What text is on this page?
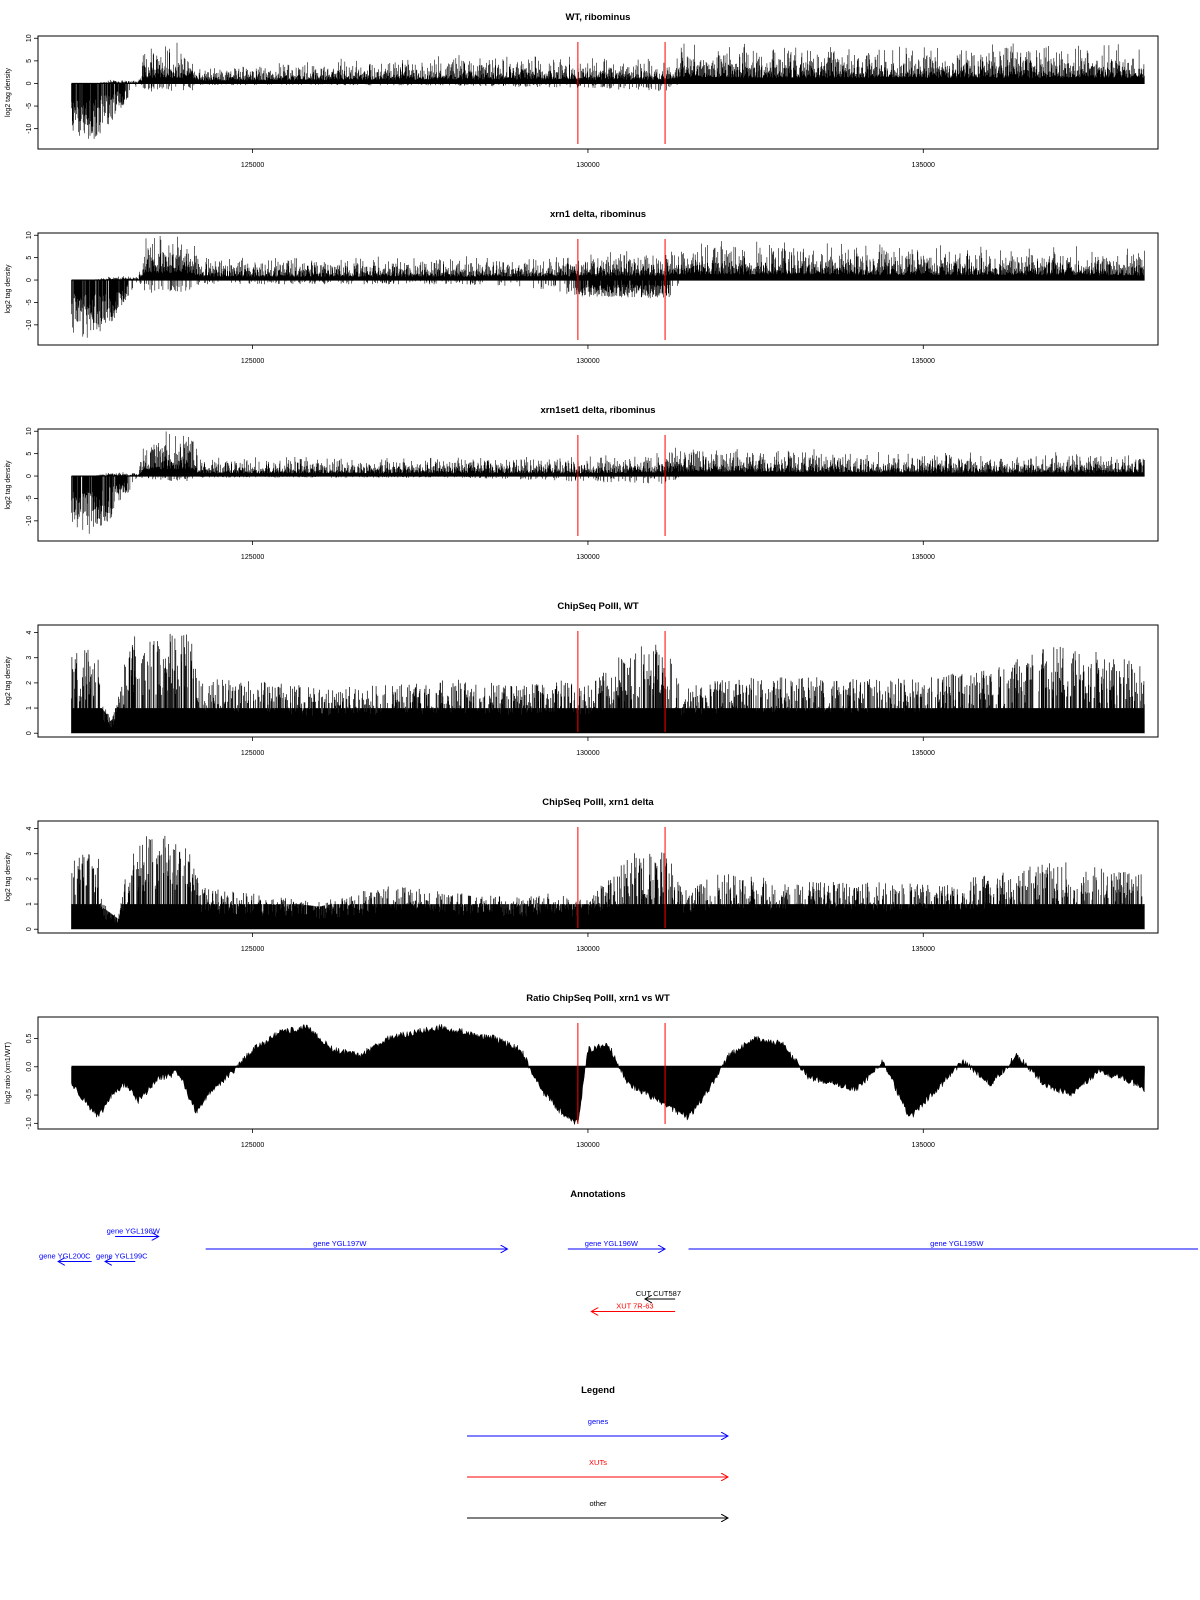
WT, ribominus
log2 tag density
10
5
0
-5
-10
125000	130000	135000
xrn1 delta, ribominus
log2 tag density
10
5
0
-5
-10
125000	130000	135000
xrn1set1 delta, ribominus
log2 tag density
10
5
0
-5
-10
125000	130000	135000
ChipSeq PolII, WT
log2 tag density
0
1
2
3
4
125000	130000	135000
ChipSeq PolII, xrn1 delta
log2 tag density
0
1
2
3
4
125000	130000	135000
Ratio ChipSeq PolII, xrn1 vs WT
log2 ratio (xrn1/WT)
0.5
0.0
-0.5
-1.0
125000	130000	135000
Annotations
gene YGL200C gene YGL199C
gene YGL198W
gene YGL197W	gene YGL196W	gene YGL195W
CUT CUT587
XUT 7R-63
Legend
genes
XUTs
other
